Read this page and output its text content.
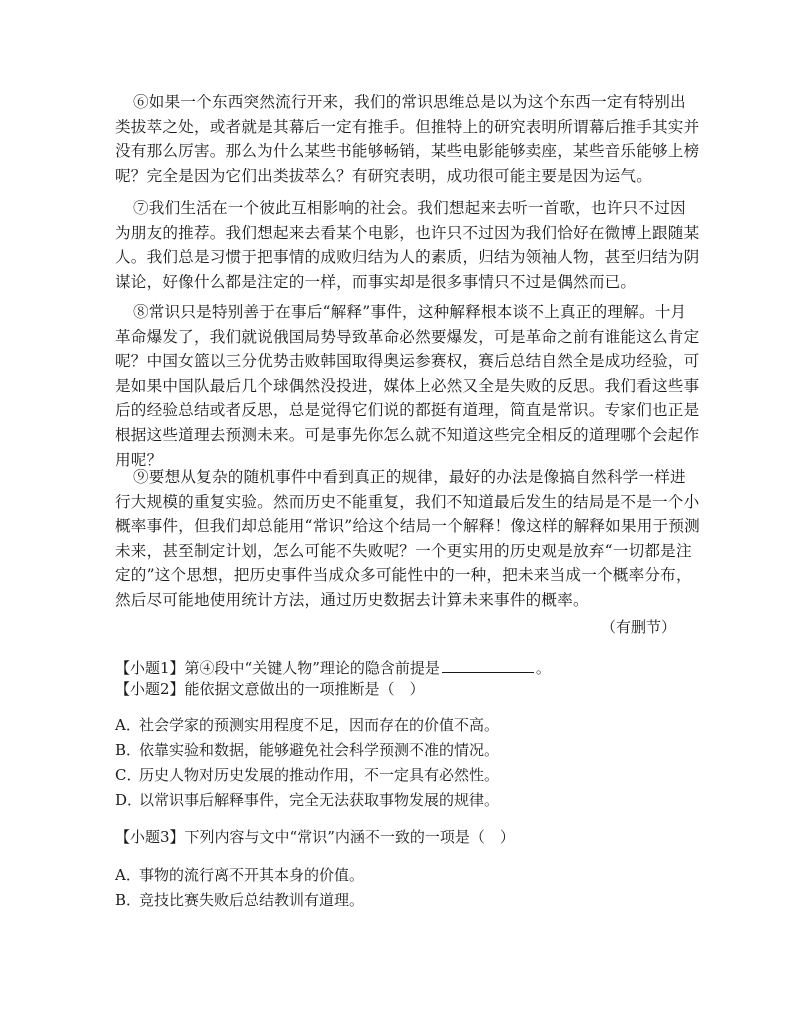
⑥如果一个东西突然流行开来，我们的常识思维总是以为这个东西一定有特别出
类拔萃之处，或者就是其幕后一定有推手。但推特上的研究表明所谓幕后推手其实并
没有那么厉害。那么为什么某些书能够畅销，某些电影能够卖座，某些音乐能够上榜
呢？完全是因为它们出类拔萃么？有研究表明，成功很可能主要是因为运气。
⑦我们生活在一个彼此互相影响的社会。我们想起来去听一首歌，也许只不过因
为朋友的推荐。我们想起来去看某个电影，也许只不过因为我们恰好在微博上跟随某
人。我们总是习惯于把事情的成败归结为人的素质，归结为领袖人物，甚至归结为阴
谋论，好像什么都是注定的一样，而事实却是很多事情只不过是偶然而已。
⑧常识只是特别善于在事后“解释”事件，这种解释根本谈不上真正的理解。十月
革命爆发了，我们就说俄国局势导致革命必然要爆发，可是革命之前有谁能这么肯定
呢？中国女篮以三分优势击败韩国取得奥运参赛权，赛后总结自然全是成功经验，可
是如果中国队最后几个球偶然没投进，媒体上必然又全是失败的反思。我们看这些事
后的经验总结或者反思，总是觉得它们说的都挺有道理，简直是常识。专家们也正是
根据这些道理去预测未来。可是事先你怎么就不知道这些完全相反的道理哪个会起作
用呢？
⑨要想从复杂的随机事件中看到真正的规律，最好的办法是像搞自然科学一样进
行大规模的重复实验。然而历史不能重复，我们不知道最后发生的结局是不是一个小
概率事件，但我们却总能用“常识”给这个结局一个解释！像这样的解释如果用于预测
未来，甚至制定计划，怎么可能不失败呢？一个更实用的历史观是放弃“一切都是注
定的”这个思想，把历史事件当成众多可能性中的一种，把未来当成一个概率分布，
然后尽可能地使用统计方法，通过历史数据去计算未来事件的概率。
（有删节）
【小题1】第④段中“关键人物”理论的隐含前提是	。
【小题2】能依据文意做出的一项推断是（　）
A．社会学家的预测实用程度不足，因而存在的价值不高。
B．依靠实验和数据，能够避免社会科学预测不准的情况。
C．历史人物对历史发展的推动作用，不一定具有必然性。
D．以常识事后解释事件，完全无法获取事物发展的规律。
【小题3】下列内容与文中“常识”内涵不一致的一项是（　）
A．事物的流行离不开其本身的价值。
B．竞技比赛失败后总结教训有道理。
